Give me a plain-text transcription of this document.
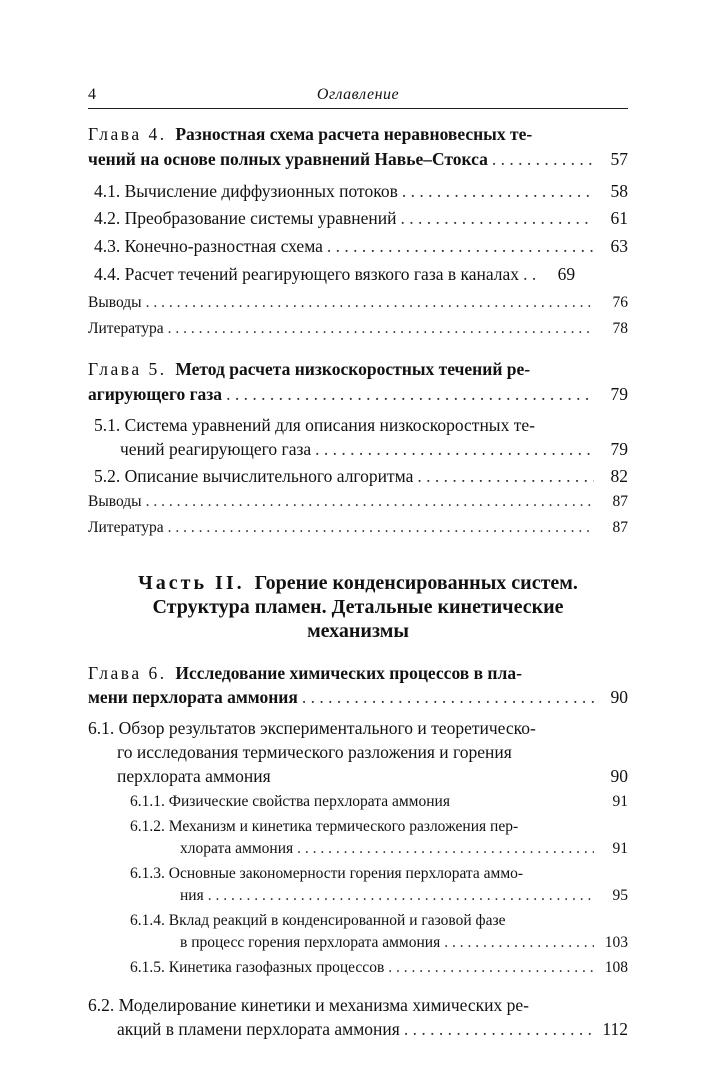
4	Оглавление
Глава 4. Разностная схема расчета неравновесных те-
чений на основе полных уравнений Навье–Стокса . . .	57
4.1.
Вычисление диффузионных потоков . . .	58
4.2.
Преобразование системы уравнений . . .	61
4.3.
Конечно-разностная схема . . .	63
4.4.
Расчет течений реагирующего вязкого газа в каналах . . .	69
Выводы . . .	76
Литература . . .	78
Глава 5. Метод расчета низкоскоростных течений ре-
агирующего газа . . .	79
5.1. Система уравнений для описания низкоскоростных те-
чений реагирующего газа . . .	79
5.2.
Описание вычислительного алгоритма . . .	82
Выводы . . .	87
Литература . . .	87
Часть II. Горение конденсированных систем.
Структура пламен. Детальные кинетические
механизмы
Глава 6. Исследование химических процессов в пла-
мени перхлората аммония . . .	90
6.1. Обзор результатов экспериментального и теоретическо-
го исследования термического разложения и горения
перхлората аммония	90
6.1.1.
Физические свойства перхлората аммония	91
6.1.2. Механизм и кинетика термического разложения пер-
хлората аммония . . .	91
6.1.3. Основные закономерности горения перхлората аммо-
ния . . .	95
6.1.4. Вклад реакций в конденсированной и газовой фазе
в процесс горения перхлората аммония . . .	103
6.1.5.
Кинетика газофазных процессов . . .	108
6.2. Моделирование кинетики и механизма химических ре-
акций в пламени перхлората аммония . . .	112
